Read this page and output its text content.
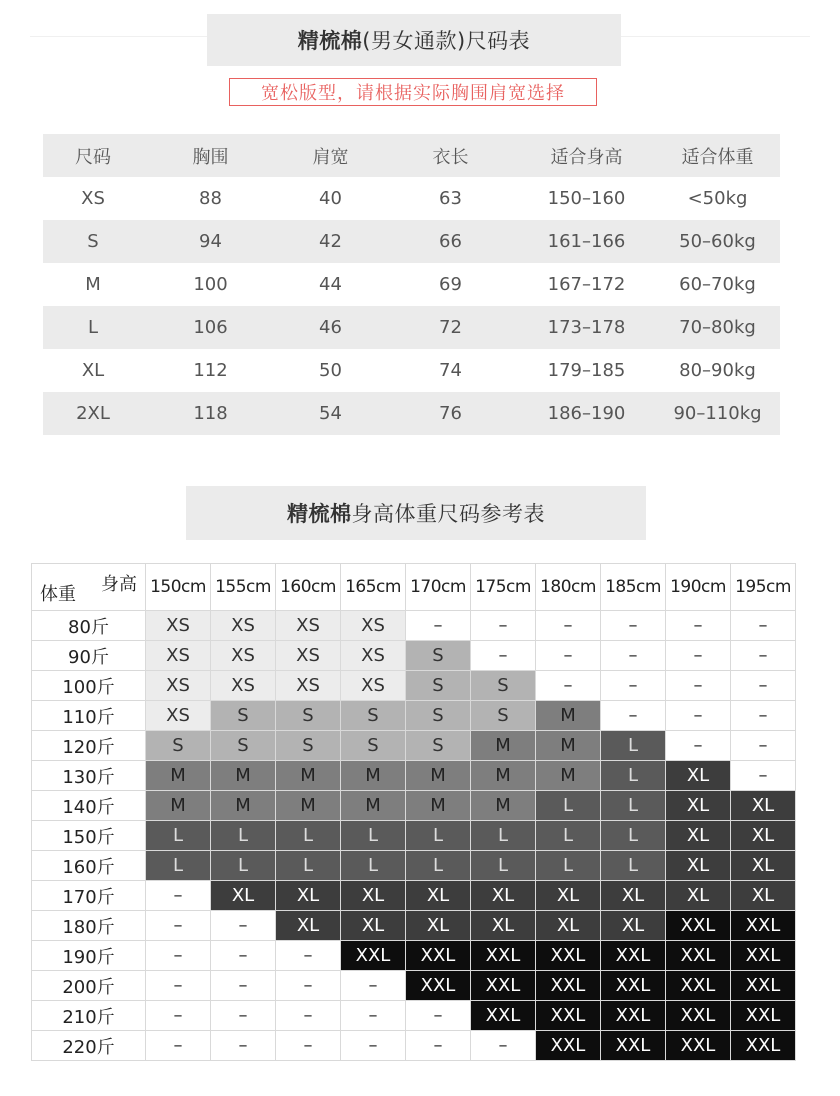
精梳棉 (男女通款)尺码表
宽松版型，请根据实际胸围肩宽选择
尺码	胸围	肩宽	衣长	适合身高	适合体重
XS	88	40	63	150–160	<50kg
S	94	42	66	161–166	50–60kg
M	100	44	69	167–172	60–70kg
L	106	46	72	173–178	70–80kg
XL	112	50	74	179–185	80–90kg
2XL	118	54	76	186–190	90–110kg
精梳棉 身高体重尺码参考表
身高
体重	150cm	155cm	160cm	165cm	170cm	175cm	180cm	185cm	190cm	195cm
80斤	XS	XS	XS	XS	–	–	–	–	–	–
90斤	XS	XS	XS	XS	S	–	–	–	–	–
100斤	XS	XS	XS	XS	S	S	–	–	–	–
110斤	XS	S	S	S	S	S	M	–	–	–
120斤	S	S	S	S	S	M	M	L	–	–
130斤	M	M	M	M	M	M	M	L	XL	–
140斤	M	M	M	M	M	M	L	L	XL	XL
150斤	L	L	L	L	L	L	L	L	XL	XL
160斤	L	L	L	L	L	L	L	L	XL	XL
170斤	–	XL	XL	XL	XL	XL	XL	XL	XL	XL
180斤	–	–	XL	XL	XL	XL	XL	XL	XXL	XXL
190斤	–	–	–	XXL	XXL	XXL	XXL	XXL	XXL	XXL
200斤	–	–	–	–	XXL	XXL	XXL	XXL	XXL	XXL
210斤	–	–	–	–	–	XXL	XXL	XXL	XXL	XXL
220斤	–	–	–	–	–	–	XXL	XXL	XXL	XXL
